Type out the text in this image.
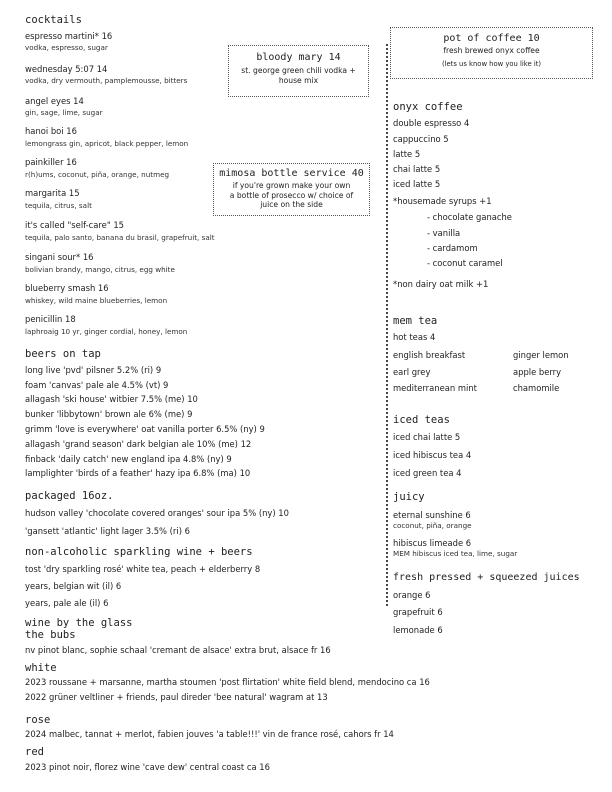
cocktails
espresso martini* 16
vodka, espresso, sugar
wednesday 5:07 14
vodka, dry vermouth, pamplemousse, bitters
angel eyes 14
gin, sage, lime, sugar
hanoi boi 16
lemongrass gin, apricot, black pepper, lemon
painkiller 16
r(h)ums, coconut, piña, orange, nutmeg
margarita 15
tequila, citrus, salt
it's called "self-care" 15
tequila, palo santo, banana du brasil, grapefruit, salt
singani sour* 16
bolivian brandy, mango, citrus, egg white
blueberry smash 16
whiskey, wild maine blueberries, lemon
penicillin 18
laphroaig 10 yr, ginger cordial, honey, lemon
bloody mary 14
st. george green chili vodka + house mix
mimosa bottle service 40
if you're grown make your own
a bottle of prosecco w/ choice of
juice on the side
beers on tap
long live 'pvd' pilsner 5.2% (ri) 9
foam 'canvas' pale ale 4.5% (vt) 9
allagash 'ski house' witbier 7.5% (me) 10
bunker 'libbytown' brown ale 6% (me) 9
grimm 'love is everywhere' oat vanilla porter 6.5% (ny) 9
allagash 'grand season' dark belgian ale 10% (me) 12
finback 'daily catch' new england ipa 4.8% (ny) 9
lamplighter 'birds of a feather' hazy ipa 6.8% (ma) 10
packaged 16oz.
hudson valley 'chocolate covered oranges' sour ipa 5% (ny) 10
'gansett 'atlantic' light lager 3.5% (ri) 6
non-alcoholic sparkling wine + beers
tost 'dry sparkling rosé' white tea, peach + elderberry 8
years, belgian wit (il) 6
years, pale ale (il) 6
wine by the glass
the bubs
nv pinot blanc, sophie schaal 'cremant de alsace' extra brut, alsace fr 16
white
2023 roussane + marsanne, martha stoumen 'post flirtation' white field blend, mendocino ca 16
2022 grüner veltliner + friends, paul direder 'bee natural' wagram at 13
rose
2024 malbec, tannat + merlot, fabien jouves 'a table!!!' vin de france rosé, cahors fr 14
red
2023 pinot noir, florez wine 'cave dew' central coast ca 16
pot of coffee 10
fresh brewed onyx coffee
(lets us know how you like it)
onyx coffee
double espresso 4
cappuccino 5
latte 5
chai latte 5
iced latte 5
*housemade syrups +1
- chocolate ganache
- vanilla
- cardamom
- coconut caramel
*non dairy oat milk +1
mem tea
hot teas 4
english breakfast
earl grey
mediterranean mint
ginger lemon
apple berry
chamomile
iced teas
iced chai latte 5
iced hibiscus tea 4
iced green tea 4
juicy
eternal sunshine 6
coconut, piña, orange
hibiscus limeade 6
MEM hibiscus iced tea, lime, sugar
fresh pressed + squeezed juices
orange 6
grapefruit 6
lemonade 6
